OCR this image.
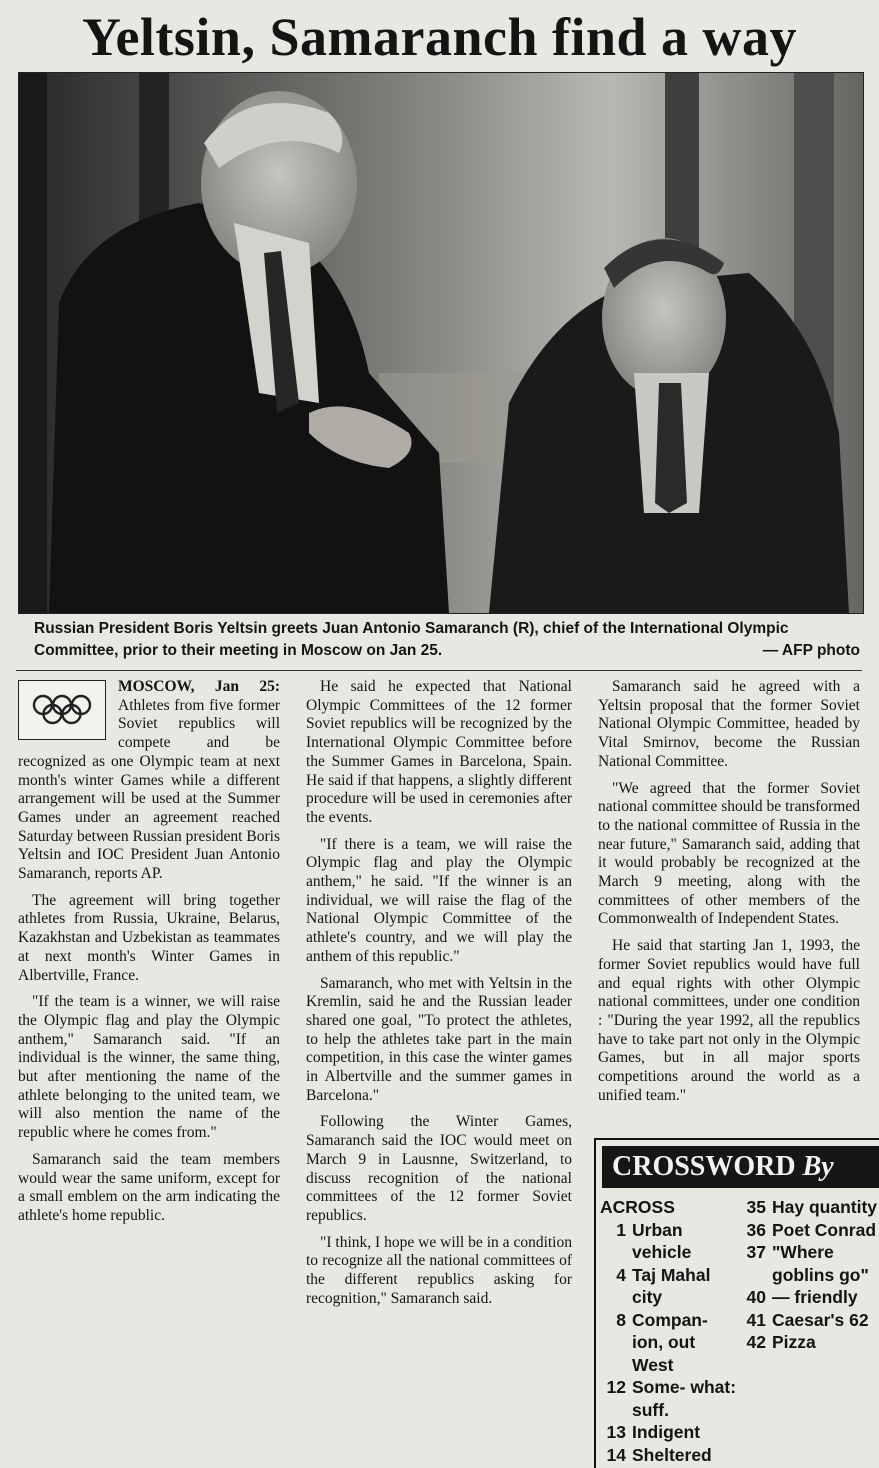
Yeltsin, Samaranch find a way

Russian President Boris Yeltsin greets Juan Antonio Samaranch (R), chief of the International Olympic Committee, prior to their meeting in Moscow on Jan 25.	— AFP photo

MOSCOW, Jan 25: Athletes from five former Soviet republics will compete and be recognized as one Olympic team at next month's winter Games while a different arrangement will be used at the Summer Games under an agreement reached Saturday between Russian president Boris Yeltsin and IOC President Juan Antonio Samaranch, reports AP.

The agreement will bring together athletes from Russia, Ukraine, Belarus, Kazakhstan and Uzbekistan as teammates at next month's Winter Games in Albertville, France.

"If the team is a winner, we will raise the Olympic flag and play the Olympic anthem," Samaranch said. "If an individual is the winner, the same thing, but after mentioning the name of the athlete belonging to the united team, we will also mention the name of the republic where he comes from."

Samaranch said the team members would wear the same uniform, except for a small emblem on the arm indicating the athlete's home republic.

He said he expected that National Olympic Committees of the 12 former Soviet republics will be recognized by the International Olympic Committee before the Summer Games in Barcelona, Spain. He said if that happens, a slightly different procedure will be used in ceremonies after the events.

"If there is a team, we will raise the Olympic flag and play the Olympic anthem," he said. "If the winner is an individual, we will raise the flag of the National Olympic Committee of the athlete's country, and we will play the anthem of this republic."

Samaranch, who met with Yeltsin in the Kremlin, said he and the Russian leader shared one goal, "To protect the athletes, to help the athletes take part in the main competition, in this case the winter games in Albertville and the summer games in Barcelona."

Following the Winter Games, Samaranch said the IOC would meet on March 9 in Lausnne, Switzerland, to discuss recognition of the national committees of the 12 former Soviet republics.

"I think, I hope we will be in a condition to recognize all the national committees of the different republics asking for recognition," Samaranch said.

Samaranch said he agreed with a Yeltsin proposal that the former Soviet National Olympic Committee, headed by Vital Smirnov, become the Russian National Committee.

"We agreed that the former Soviet national committee should be transformed to the national committee of Russia in the near future," Samaranch said, adding that it would probably be recognized at the March 9 meeting, along with the committees of other members of the Commonwealth of Independent States.

He said that starting Jan 1, 1993, the former Soviet republics would have full and equal rights with other Olympic national committees, under one condition : "During the year 1992, all the republics have to take part not only in the Olympic Games, but in all major sports competitions around the world as a unified team."

CROSSWORD By
ACROSS
1 Urban vehicle
4 Taj Mahal city
8 Compan- ion, out West
12 Some- what: suff.
13 Indigent
14 Sheltered
35 Hay quantity
36 Poet Conrad
37 "Where goblins go"
40 — friendly
41 Caesar's 62
42 Pizza
